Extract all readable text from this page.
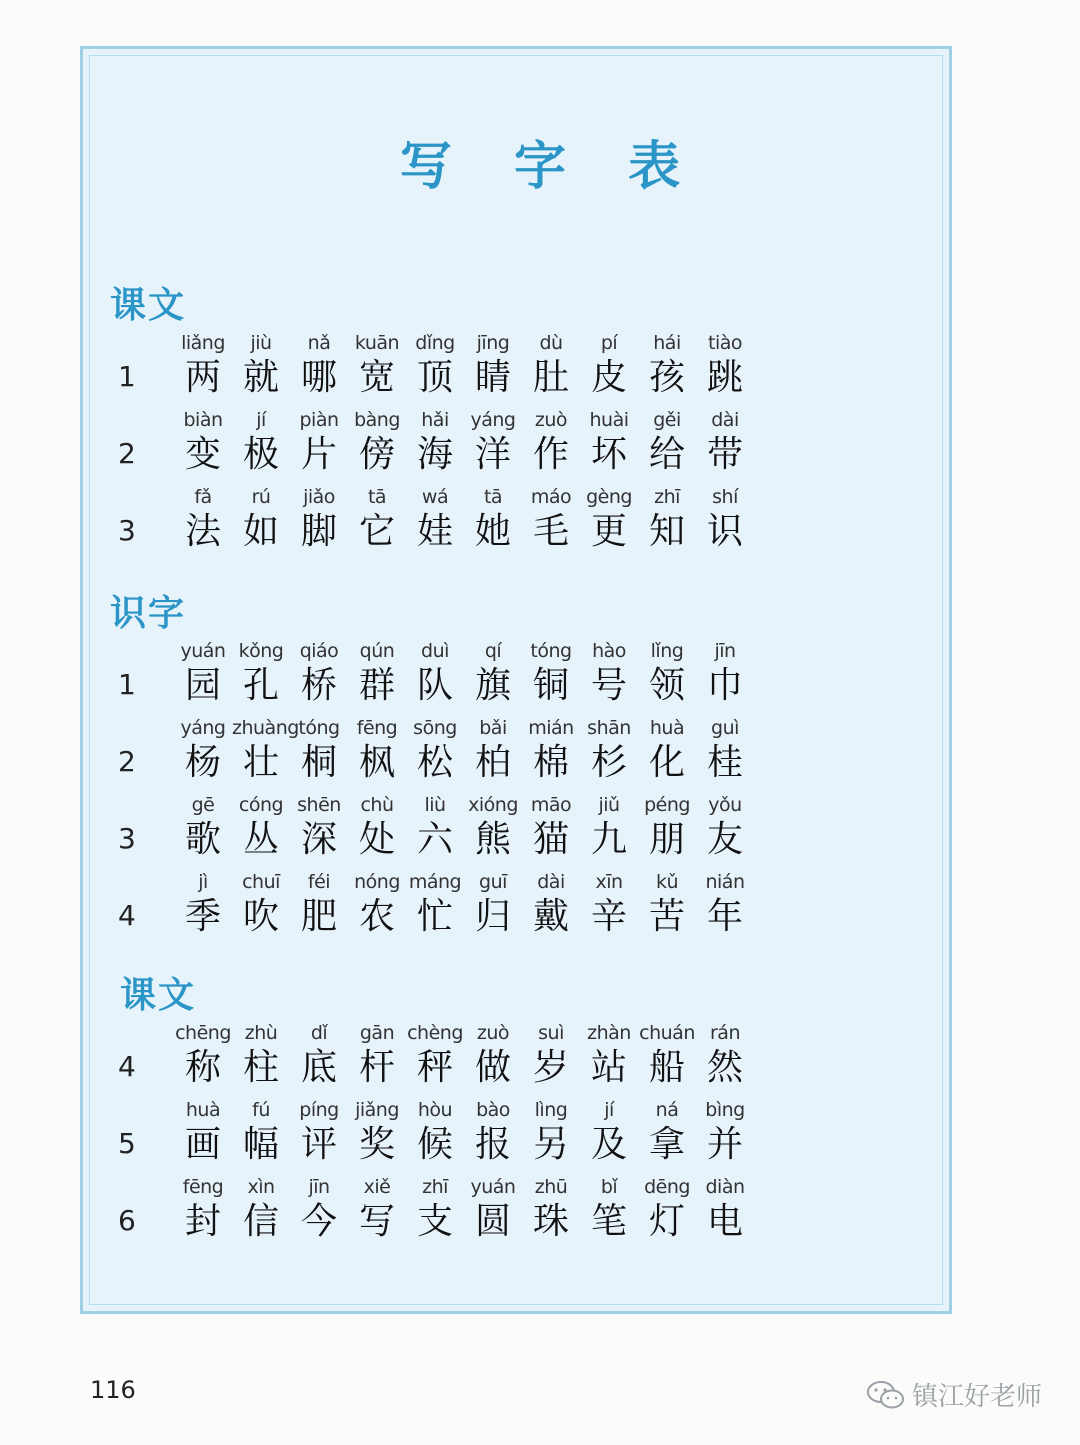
写 字 表
课文
1
liǎng
两
jiù
就
nǎ
哪
kuān
宽
dǐng
顶
jīng
睛
dù
肚
pí
皮
hái
孩
tiào
跳
2
biàn
变
jí
极
piàn
片
bàng
傍
hǎi
海
yáng
洋
zuò
作
huài
坏
gěi
给
dài
带
3
fǎ
法
rú
如
jiǎo
脚
tā
它
wá
娃
tā
她
máo
毛
gèng
更
zhī
知
shí
识
识字
1
yuán
园
kǒng
孔
qiáo
桥
qún
群
duì
队
qí
旗
tóng
铜
hào
号
lǐng
领
jīn
巾
2
yáng
杨
zhuàng
壮
tóng
桐
fēng
枫
sōng
松
bǎi
柏
mián
棉
shān
杉
huà
化
guì
桂
3
gē
歌
cóng
丛
shēn
深
chù
处
liù
六
xióng
熊
māo
猫
jiǔ
九
péng
朋
yǒu
友
4
jì
季
chuī
吹
féi
肥
nóng
农
máng
忙
guī
归
dài
戴
xīn
辛
kǔ
苦
nián
年
课文
4
chēng
称
zhù
柱
dǐ
底
gān
杆
chèng
秤
zuò
做
suì
岁
zhàn
站
chuán
船
rán
然
5
huà
画
fú
幅
píng
评
jiǎng
奖
hòu
候
bào
报
lìng
另
jí
及
ná
拿
bìng
并
6
fēng
封
xìn
信
jīn
今
xiě
写
zhī
支
yuán
圆
zhū
珠
bǐ
笔
dēng
灯
diàn
电
116	镇江好老师
